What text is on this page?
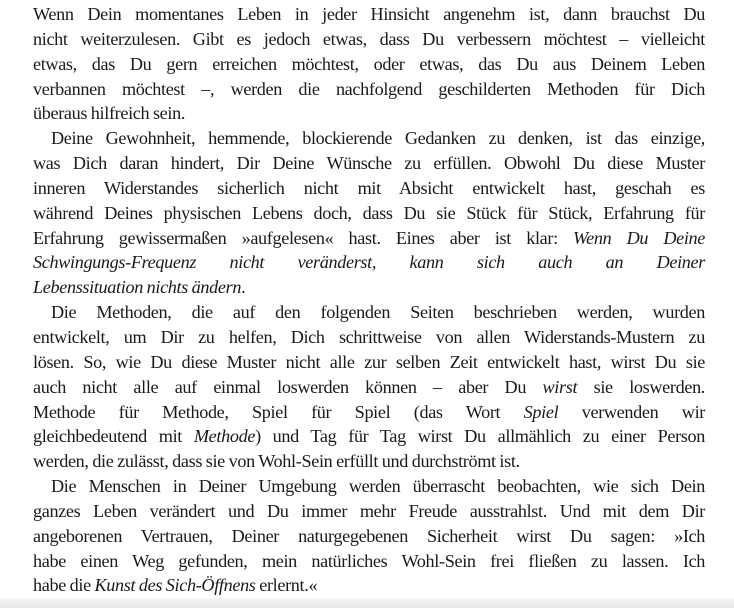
Wenn Dein momentanes Leben in jeder Hinsicht angenehm ist, dann brauchst Du
nicht weiterzulesen. Gibt es jedoch etwas, dass Du verbessern möchtest – vielleicht
etwas, das Du gern erreichen möchtest, oder etwas, das Du aus Deinem Leben
verbannen möchtest –, werden die nachfolgend geschilderten Methoden für Dich
überaus hilfreich sein.
Deine Gewohnheit, hemmende, blockierende Gedanken zu denken, ist das einzige,
was Dich daran hindert, Dir Deine Wünsche zu erfüllen. Obwohl Du diese Muster
inneren Widerstandes sicherlich nicht mit Absicht entwickelt hast, geschah es
während Deines physischen Lebens doch, dass Du sie Stück für Stück, Erfahrung für
Erfahrung gewissermaßen »aufgelesen« hast. Eines aber ist klar: Wenn Du Deine
Schwingungs-Frequenz nicht veränderst, kann sich auch an Deiner
Lebenssituation nichts ändern.
Die Methoden, die auf den folgenden Seiten beschrieben werden, wurden
entwickelt, um Dir zu helfen, Dich schrittweise von allen Widerstands-Mustern zu
lösen. So, wie Du diese Muster nicht alle zur selben Zeit entwickelt hast, wirst Du sie
auch nicht alle auf einmal loswerden können – aber Du wirst sie loswerden.
Methode für Methode, Spiel für Spiel (das Wort Spiel verwenden wir
gleichbedeutend mit Methode) und Tag für Tag wirst Du allmählich zu einer Person
werden, die zulässt, dass sie von Wohl-Sein erfüllt und durchströmt ist.
Die Menschen in Deiner Umgebung werden überrascht beobachten, wie sich Dein
ganzes Leben verändert und Du immer mehr Freude ausstrahlst. Und mit dem Dir
angeborenen Vertrauen, Deiner naturgegebenen Sicherheit wirst Du sagen: »Ich
habe einen Weg gefunden, mein natürliches Wohl-Sein frei fließen zu lassen. Ich
habe die Kunst des Sich-Öffnens erlernt.«
